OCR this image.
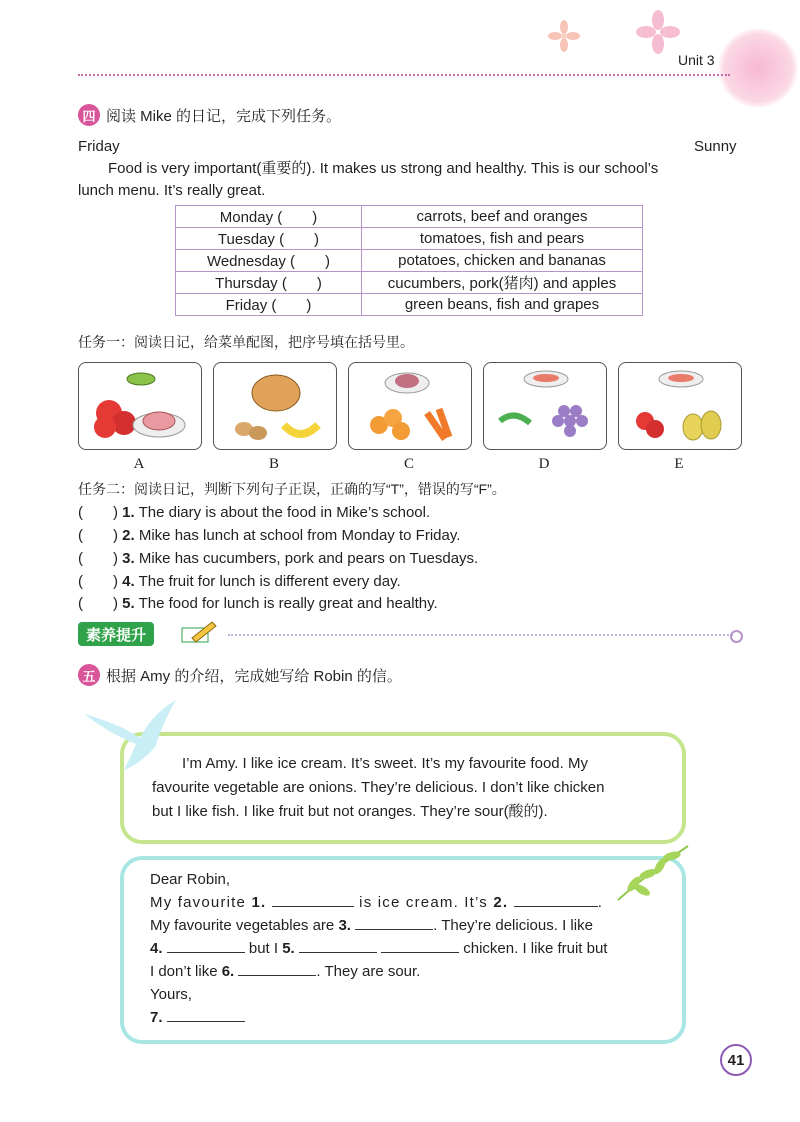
Unit 3
四 阅读 Mike 的日记，完成下列任务。
Friday	Sunny
Food is very important(重要的). It makes us strong and healthy. This is our school’s
lunch menu. It’s really great.
Monday (　　)	carrots, beef and oranges
Tuesday (　　)	tomatoes, fish and pears
Wednesday (　　)	potatoes, chicken and bananas
Thursday (　　)	cucumbers, pork(猪肉) and apples
Friday (　　)	green beans, fish and grapes
任务一：阅读日记，给菜单配图，把序号填在括号里。
A	B	C	D	E
任务二：阅读日记，判断下列句子正误，正确的写“T”，错误的写“F”。
(　　) 1. The diary is about the food in Mike’s school.
(　　) 2. Mike has lunch at school from Monday to Friday.
(　　) 3. Mike has cucumbers, pork and pears on Tuesdays.
(　　) 4. The fruit for lunch is different every day.
(　　) 5. The food for lunch is really great and healthy.
素养提升
五 根据 Amy 的介绍，完成她写给 Robin 的信。
I’m Amy. I like ice cream. It’s sweet. It’s my favourite food. My
favourite vegetable are onions. They’re delicious. I don’t like chicken
but I like fish. I like fruit but not oranges. They’re sour(酸的).
Dear Robin,
My favourite 1.	is ice cream. It’s 2.	.
My favourite vegetables are 3.	. They’re delicious. I like
4.	but I 5.	chicken. I like fruit but
I don’t like 6.	. They are sour.
Yours,
7.
41
